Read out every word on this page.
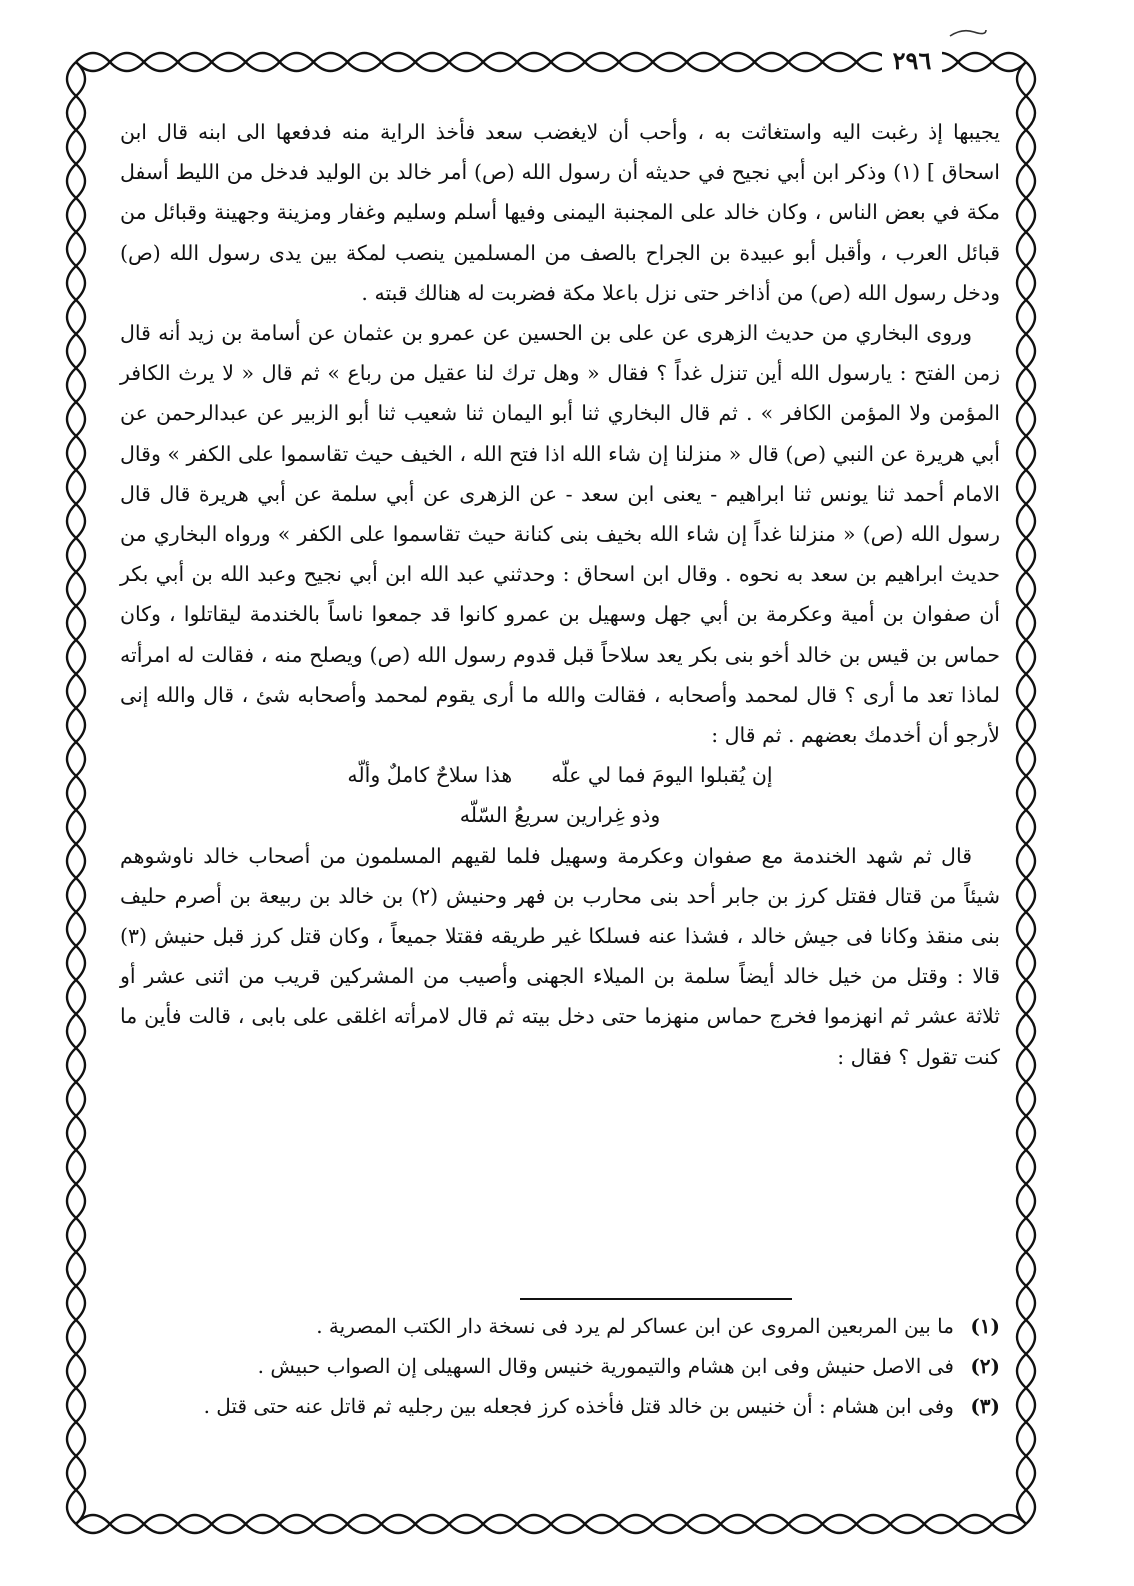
٢٩٦

يجيبها إذ رغبت اليه واستغاثت به ، وأحب أن لايغضب سعد فأخذ الراية منه فدفعها الى ابنه قال ابن اسحاق ] (١) وذكر ابن أبي نجيح في حديثه أن رسول الله (ص) أمر خالد بن الوليد فدخل من الليط أسفل مكة في بعض الناس ، وكان خالد على المجنبة اليمنى وفيها أسلم وسليم وغفار ومزينة وجهينة وقبائل من قبائل العرب ، وأقبل أبو عبيدة بن الجراح بالصف من المسلمين ينصب لمكة بين يدى رسول الله (ص) ودخل رسول الله (ص) من أذاخر حتى نزل باعلا مكة فضربت له هنالك قبته .

وروى البخاري من حديث الزهرى عن على بن الحسين عن عمرو بن عثمان عن أسامة بن زيد أنه قال زمن الفتح : يارسول الله أين تنزل غداً ؟ فقال « وهل ترك لنا عقيل من رباع » ثم قال « لا يرث الكافر المؤمن ولا المؤمن الكافر » . ثم قال البخاري ثنا أبو اليمان ثنا شعيب ثنا أبو الزبير عن عبدالرحمن عن أبي هريرة عن النبي (ص) قال « منزلنا إن شاء الله اذا فتح الله ، الخيف حيث تقاسموا على الكفر » وقال الامام أحمد ثنا يونس ثنا ابراهيم - يعنى ابن سعد - عن الزهرى عن أبي سلمة عن أبي هريرة قال قال رسول الله (ص) « منزلنا غداً إن شاء الله بخيف بنى كنانة حيث تقاسموا على الكفر » ورواه البخاري من حديث ابراهيم بن سعد به نحوه . وقال ابن اسحاق : وحدثني عبد الله ابن أبي نجيح وعبد الله بن أبي بكر أن صفوان بن أمية وعكرمة بن أبي جهل وسهيل بن عمرو كانوا قد جمعوا ناساً بالخندمة ليقاتلوا ، وكان حماس بن قيس بن خالد أخو بنى بكر يعد سلاحاً قبل قدوم رسول الله (ص) ويصلح منه ، فقالت له امرأته لماذا تعد ما أرى ؟ قال لمحمد وأصحابه ، فقالت والله ما أرى يقوم لمحمد وأصحابه شئ ، قال والله إنى لأرجو أن أخدمك بعضهم . ثم قال :

إن يُقبلوا اليومَ فما لي علّه      هذا سلاحٌ كاملٌ وألّه
وذو غِرارين سريعُ السّلّه

قال ثم شهد الخندمة مع صفوان وعكرمة وسهيل فلما لقيهم المسلمون من أصحاب خالد ناوشوهم شيئاً من قتال فقتل كرز بن جابر أحد بنى محارب بن فهر وحنيش (٢) بن خالد بن ربيعة بن أصرم حليف بنى منقذ وكانا فى جيش خالد ، فشذا عنه فسلكا غير طريقه فقتلا جميعاً ، وكان قتل كرز قبل حنيش (٣) قالا : وقتل من خيل خالد أيضاً سلمة بن الميلاء الجهنى وأصيب من المشركين قريب من اثنى عشر أو ثلاثة عشر ثم انهزموا فخرج حماس منهزما حتى دخل بيته ثم قال لامرأته اغلقى على بابى ، قالت فأين ما كنت تقول ؟ فقال :

(١) ما بين المربعين المروى عن ابن عساكر لم يرد فى نسخة دار الكتب المصرية .
(٢) فى الاصل حنيش وفى ابن هشام والتيمورية خنيس وقال السهيلى إن الصواب حبيش .
(٣) وفى ابن هشام : أن خنيس بن خالد قتل فأخذه كرز فجعله بين رجليه ثم قاتل عنه حتى قتل .
